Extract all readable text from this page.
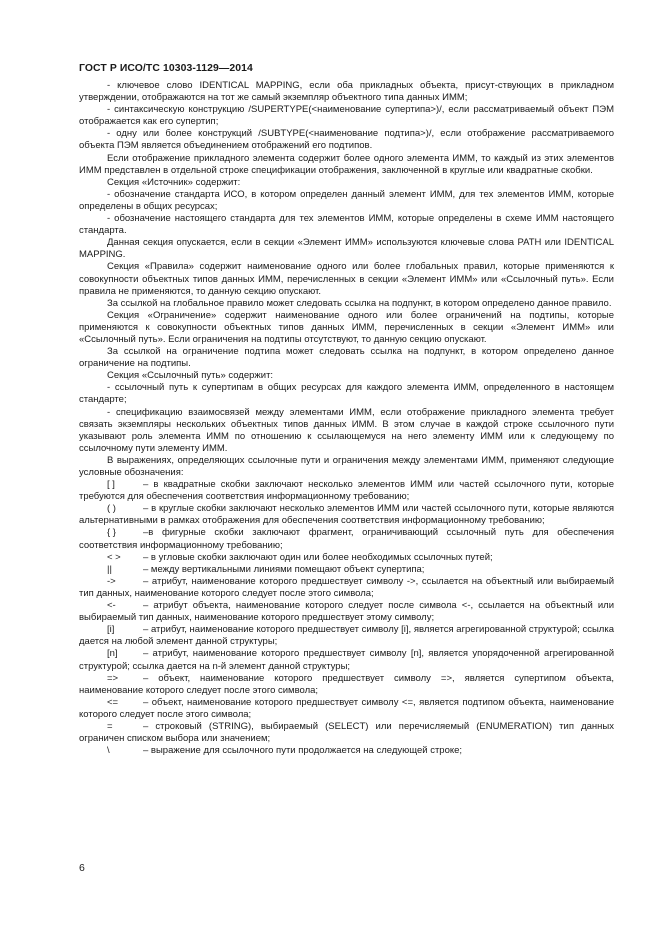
ГОСТ Р ИСО/ТС 10303-1129—2014

- ключевое слово IDENTICAL MAPPING, если оба прикладных объекта, присут-ствующих в прикладном утверждении, отображаются на тот же самый экземпляр объектного типа данных ИММ;

- синтаксическую конструкцию /SUPERTYPE(<наименование супертипа>)/, если рассматриваемый объект ПЭМ отображается как его супертип;

- одну или более конструкций /SUBTYPE(<наименование подтипа>)/, если отображение рассматриваемого объекта ПЭМ является объединением отображений его подтипов.

Если отображение прикладного элемента содержит более одного элемента ИММ, то каждый из этих элементов ИММ представлен в отдельной строке спецификации отображения, заключенной в круглые или квадратные скобки.

Секция «Источник» содержит:

- обозначение стандарта ИСО, в котором определен данный элемент ИММ, для тех элементов ИММ, которые определены в общих ресурсах;

- обозначение настоящего стандарта для тех элементов ИММ, которые определены в схеме ИММ настоящего стандарта.

Данная секция опускается, если в секции «Элемент ИММ» используются ключевые слова PATH или IDENTICAL MAPPING.

Секция «Правила» содержит наименование одного или более глобальных правил, которые применяются к совокупности объектных типов данных ИММ, перечисленных в секции «Элемент ИММ» или «Ссылочный путь». Если правила не применяются, то данную секцию опускают.

За ссылкой на глобальное правило может следовать ссылка на подпункт, в котором определено данное правило.

Секция «Ограничение» содержит наименование одного или более ограничений на подтипы, которые применяются к совокупности объектных типов данных ИММ, перечисленных в секции «Элемент ИММ» или «Ссылочный путь». Если ограничения на подтипы отсутствуют, то данную секцию опускают.

За ссылкой на ограничение подтипа может следовать ссылка на подпункт, в котором определено данное ограничение на подтипы.

Секция «Ссылочный путь» содержит:

- ссылочный путь к супертипам в общих ресурсах для каждого элемента ИММ, определенного в настоящем стандарте;

- спецификацию взаимосвязей между элементами ИММ, если отображение прикладного элемента требует связать экземпляры нескольких объектных типов данных ИММ. В этом случае в каждой строке ссылочного пути указывают роль элемента ИММ по отношению к ссылающемуся на него элементу ИММ или к следующему по ссылочному пути элементу ИММ.

В выражениях, определяющих ссылочные пути и ограничения между элементами ИММ, применяют следующие условные обозначения:

[ ]	– в квадратные скобки заключают несколько элементов ИММ или частей ссылочного пути, которые требуются для обеспечения соответствия информационному требованию;

( )	– в круглые скобки заключают несколько элементов ИММ или частей ссылочного пути, которые являются альтернативными в рамках отображения для обеспечения соответствия информационному требованию;

{ }	–в фигурные скобки заключают фрагмент, ограничивающий ссылочный путь для обеспечения соответствия информационному требованию;

< > – в угловые скобки заключают один или более необходимых ссылочных путей;

||	– между вертикальными линиями помещают объект супертипа;

->	– атрибут, наименование которого предшествует символу ->, ссылается на объектный или выбираемый тип данных, наименование которого следует после этого символа;

<-	– атрибут объекта, наименование которого следует после символа <-, ссылается на объектный или выбираемый тип данных, наименование которого предшествует этому символу;

[i]	– атрибут, наименование которого предшествует символу [i], является агрегированной структурой; ссылка дается на любой элемент данной структуры;

[n]	– атрибут, наименование которого предшествует символу [n], является упорядоченной агрегированной структурой; ссылка дается на n-й элемент данной структуры;

=>	– объект, наименование которого предшествует символу =>, является супертипом объекта, наименование которого следует после этого символа;

<=	– объект, наименование которого предшествует символу <=, является подтипом объекта, наименование которого следует после этого символа;

=	– строковый (STRING), выбираемый (SELECT) или перечисляемый (ENUMERATION) тип данных ограничен списком выбора или значением;

\	– выражение для ссылочного пути продолжается на следующей строке;

6
